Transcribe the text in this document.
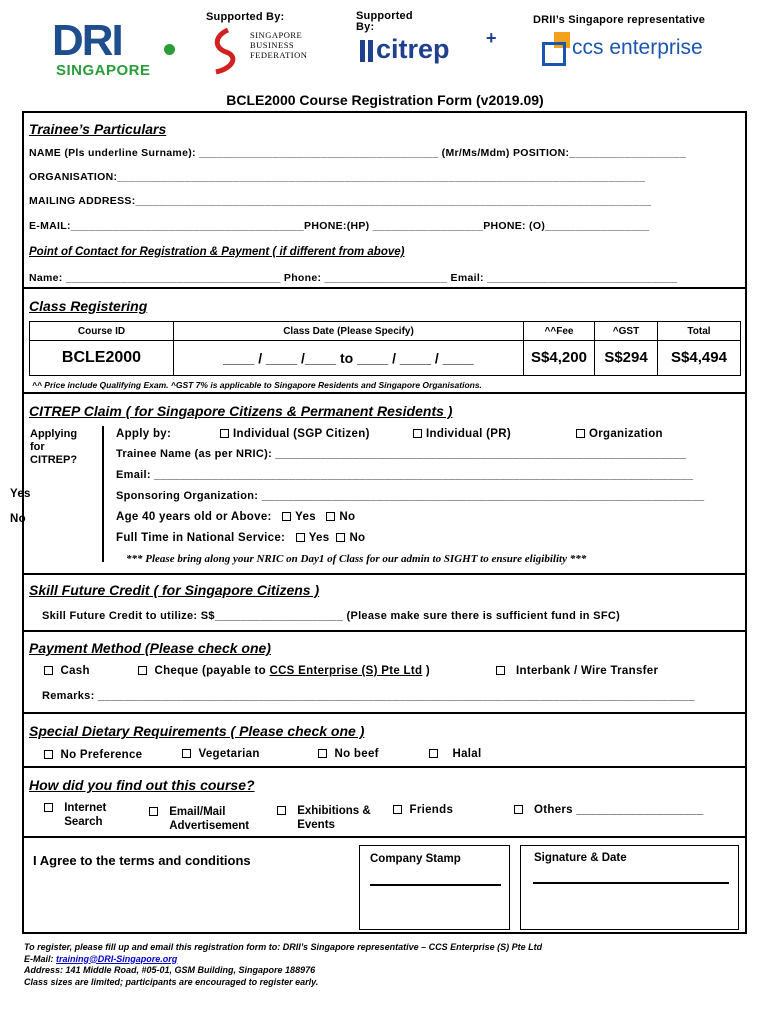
DRI
SINGAPORE
Supported By:
SINGAPORE
BUSINESS
FEDERATION
Supported By:
citrep +
DRII’s Singapore representative
ccs enterprise
BCLE2000 Course Registration Form (v2019.09)
Trainee’s Particulars
NAME (Pls underline Surname): _______________________________________ (Mr/Ms/Mdm) POSITION:___________________
ORGANISATION:______________________________________________________________________________________
MAILING ADDRESS:____________________________________________________________________________________
E-MAIL:______________________________________PHONE:(HP) __________________PHONE: (O)_________________
Point of Contact for Registration & Payment ( if different from above)
Name: ___________________________________ Phone: ____________________ Email: _______________________________
Class Registering
Course ID	Class Date (Please Specify)	^^Fee	^GST	Total
BCLE2000	____ / ____ /____ to ____ / ____ / ____	S$4,200	S$294	S$4,494
^^ Price include Qualifying Exam. ^GST 7% is applicable to Singapore Residents and Singapore Organisations.
CITREP Claim ( for Singapore Citizens & Permanent Residents )
Applying for CITREP?
Apply by:	Individual (SGP Citizen)	Individual (PR)	Organization
Trainee Name (as per NRIC): ________________________________________________________________
Email: ____________________________________________________________________________________
Sponsoring Organization: _____________________________________________________________________
Age 40 years old or Above: Yes No
Full Time in National Service: Yes No
*** Please bring along your NRIC on Day1 of Class for our admin to SIGHT to ensure eligibility ***
Yes
No
Skill Future Credit ( for Singapore Citizens )
Skill Future Credit to utilize: S$____________________ (Please make sure there is sufficient fund in SFC)
Payment Method (Please check one)
Cash	Cheque (payable to CCS Enterprise (S) Pte Ltd )	Interbank / Wire Transfer
Remarks: _____________________________________________________________________________________________
Special Dietary Requirements ( Please check one )
No Preference	Vegetarian	No beef	Halal
How did you find out this course?
Internet Search
Email/Mail Advertisement
Exhibitions & Events
Friends	Others ___________________
I Agree to the terms and conditions	Company Stamp	Signature & Date
To register, please fill up and email this registration form to: DRII’s Singapore representative – CCS Enterprise (S) Pte Ltd
E-Mail: training@DRI-Singapore.org
Address: 141 Middle Road, #05-01, GSM Building, Singapore 188976
Class sizes are limited; participants are encouraged to register early.
